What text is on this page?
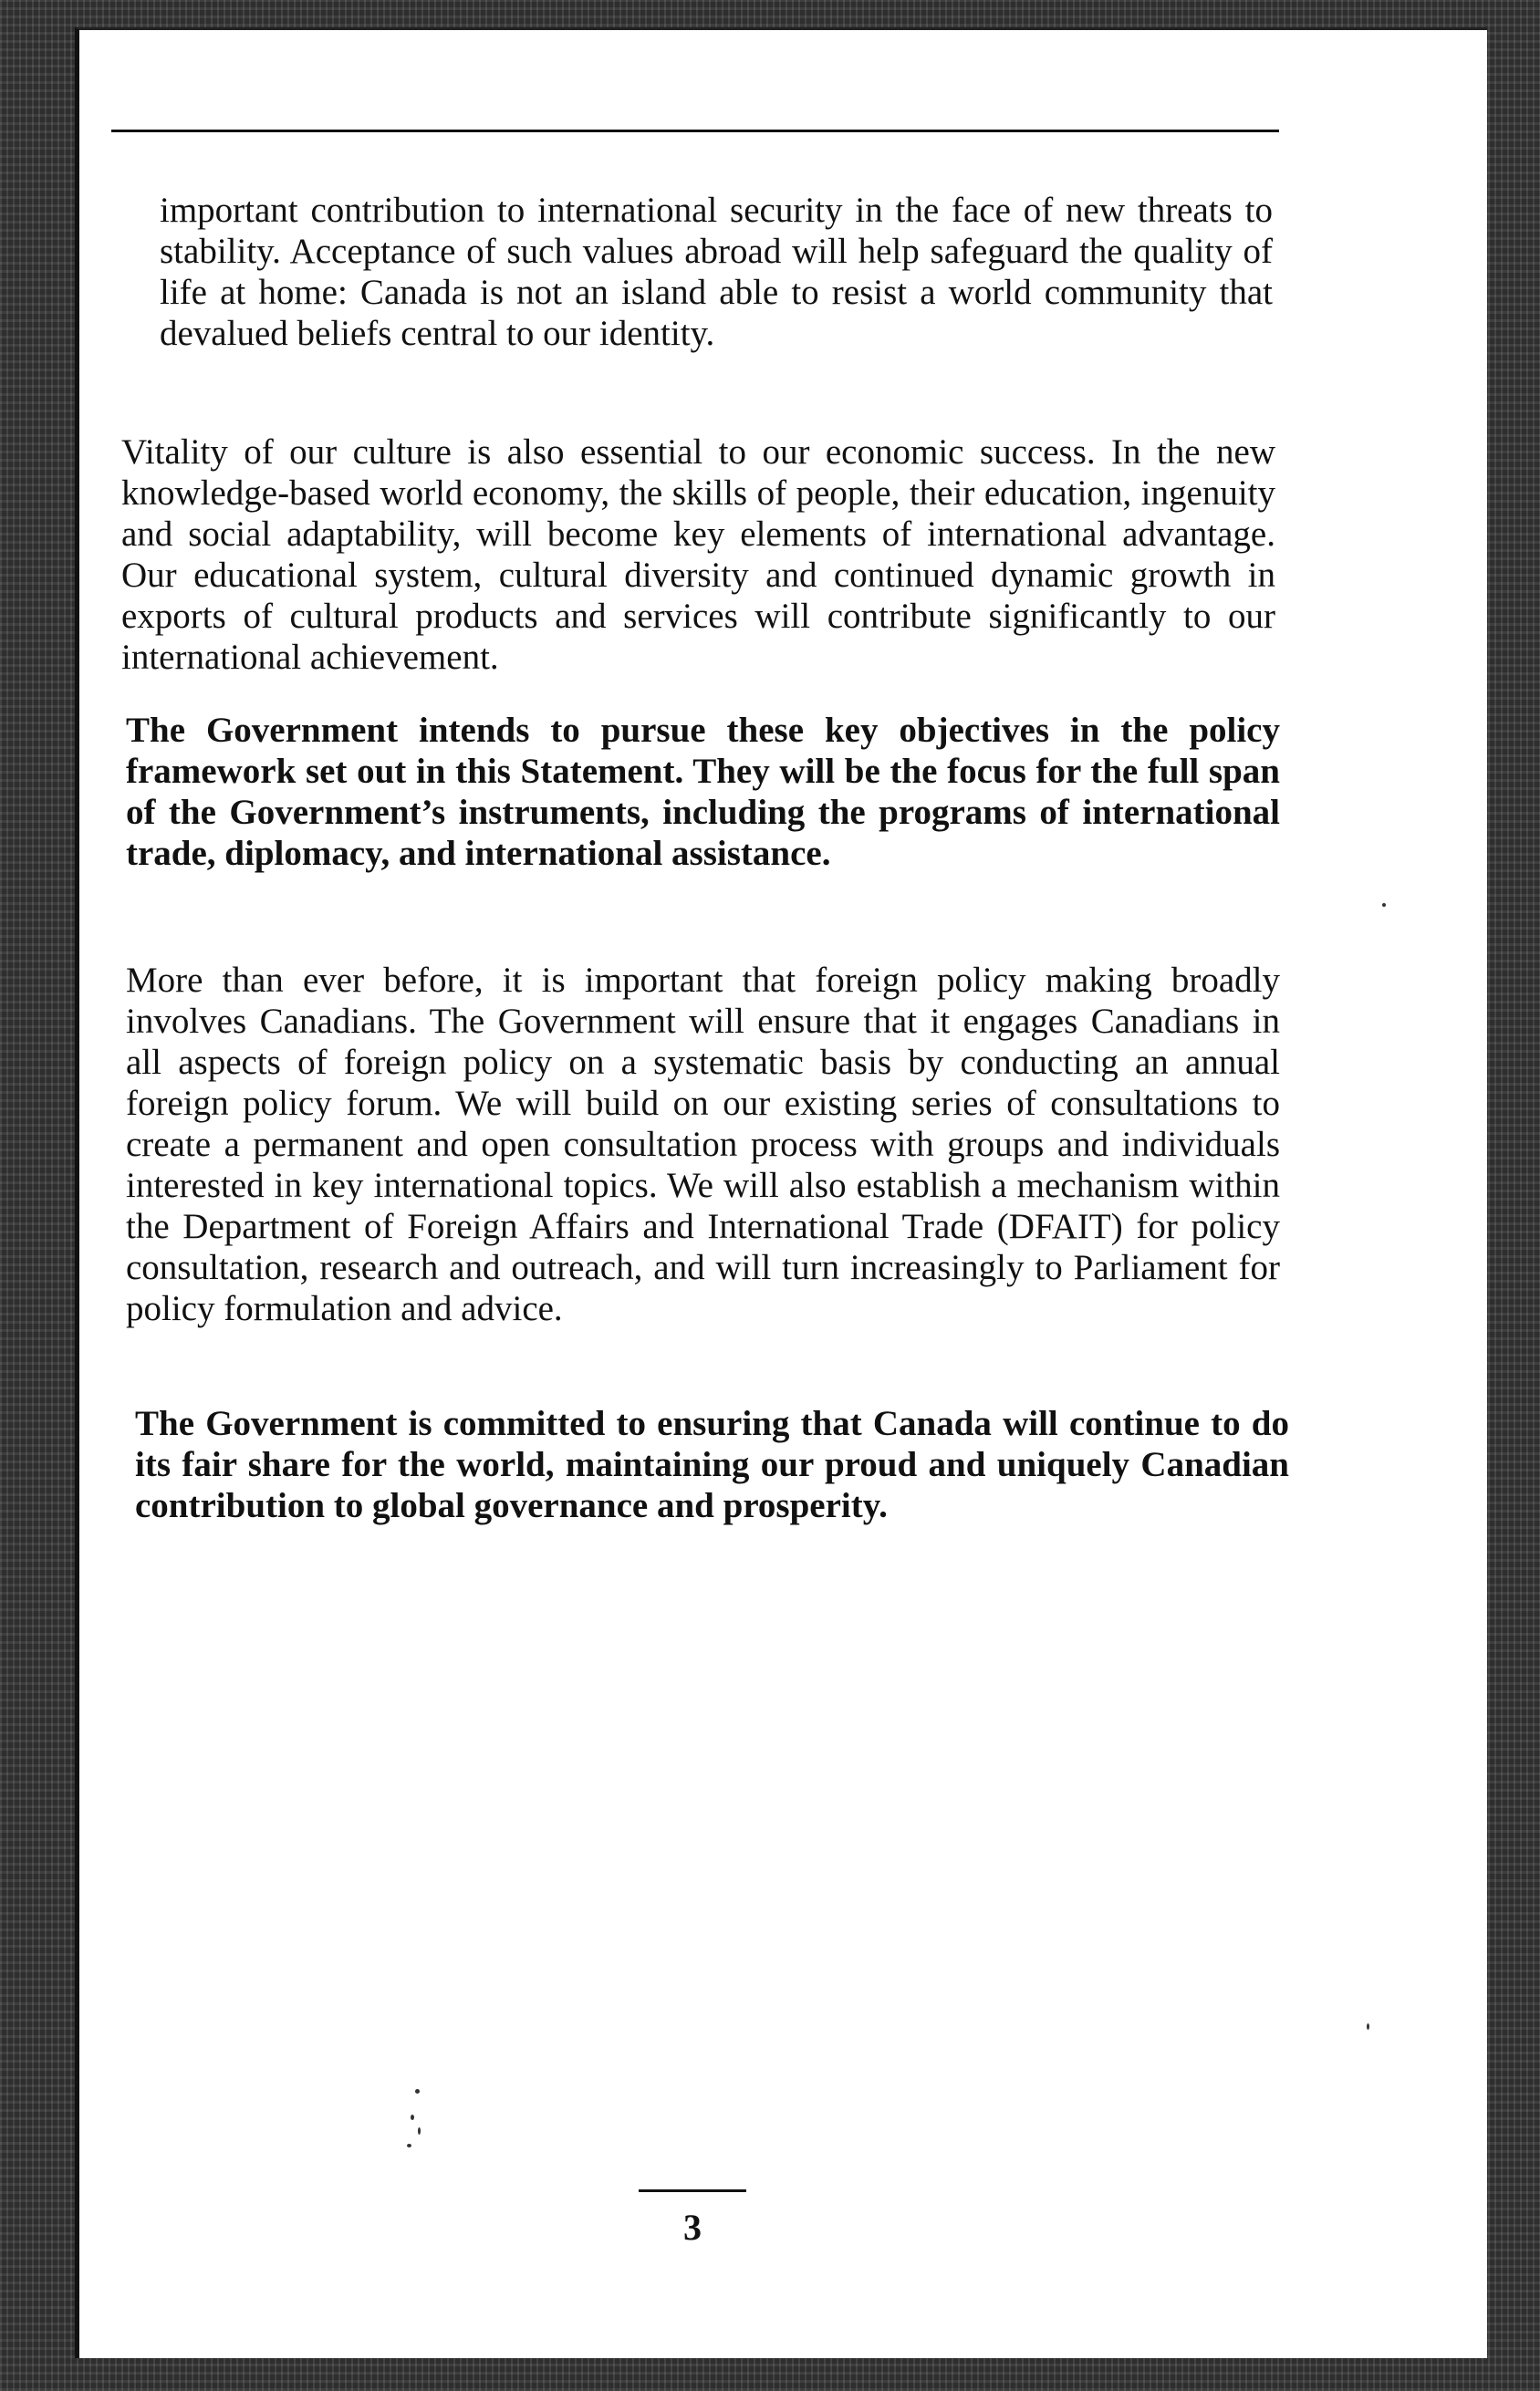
important contribution to international security in the face of new threats to stability. Acceptance of such values abroad will help safeguard the quality of life at home: Canada is not an island able to resist a world community that devalued beliefs central to our identity.

Vitality of our culture is also essential to our economic success. In the new knowledge-based world economy, the skills of people, their education, ingenuity and social adaptability, will become key elements of international advantage. Our educational system, cultural diversity and continued dynamic growth in exports of cultural products and services will contribute significantly to our international achievement.

The Government intends to pursue these key objectives in the policy framework set out in this Statement. They will be the focus for the full span of the Government’s instruments, including the programs of international trade, diplomacy, and international assistance.

More than ever before, it is important that foreign policy making broadly involves Canadians. The Government will ensure that it engages Canadians in all aspects of foreign policy on a systematic basis by conducting an annual foreign policy forum. We will build on our existing series of consultations to create a permanent and open consultation process with groups and individuals interested in key international topics. We will also establish a mechanism within the Department of Foreign Affairs and International Trade (DFAIT) for policy consultation, research and outreach, and will turn increasingly to Parliament for policy formulation and advice.

The Government is committed to ensuring that Canada will continue to do its fair share for the world, maintaining our proud and uniquely Canadian contribution to global governance and prosperity.

3
